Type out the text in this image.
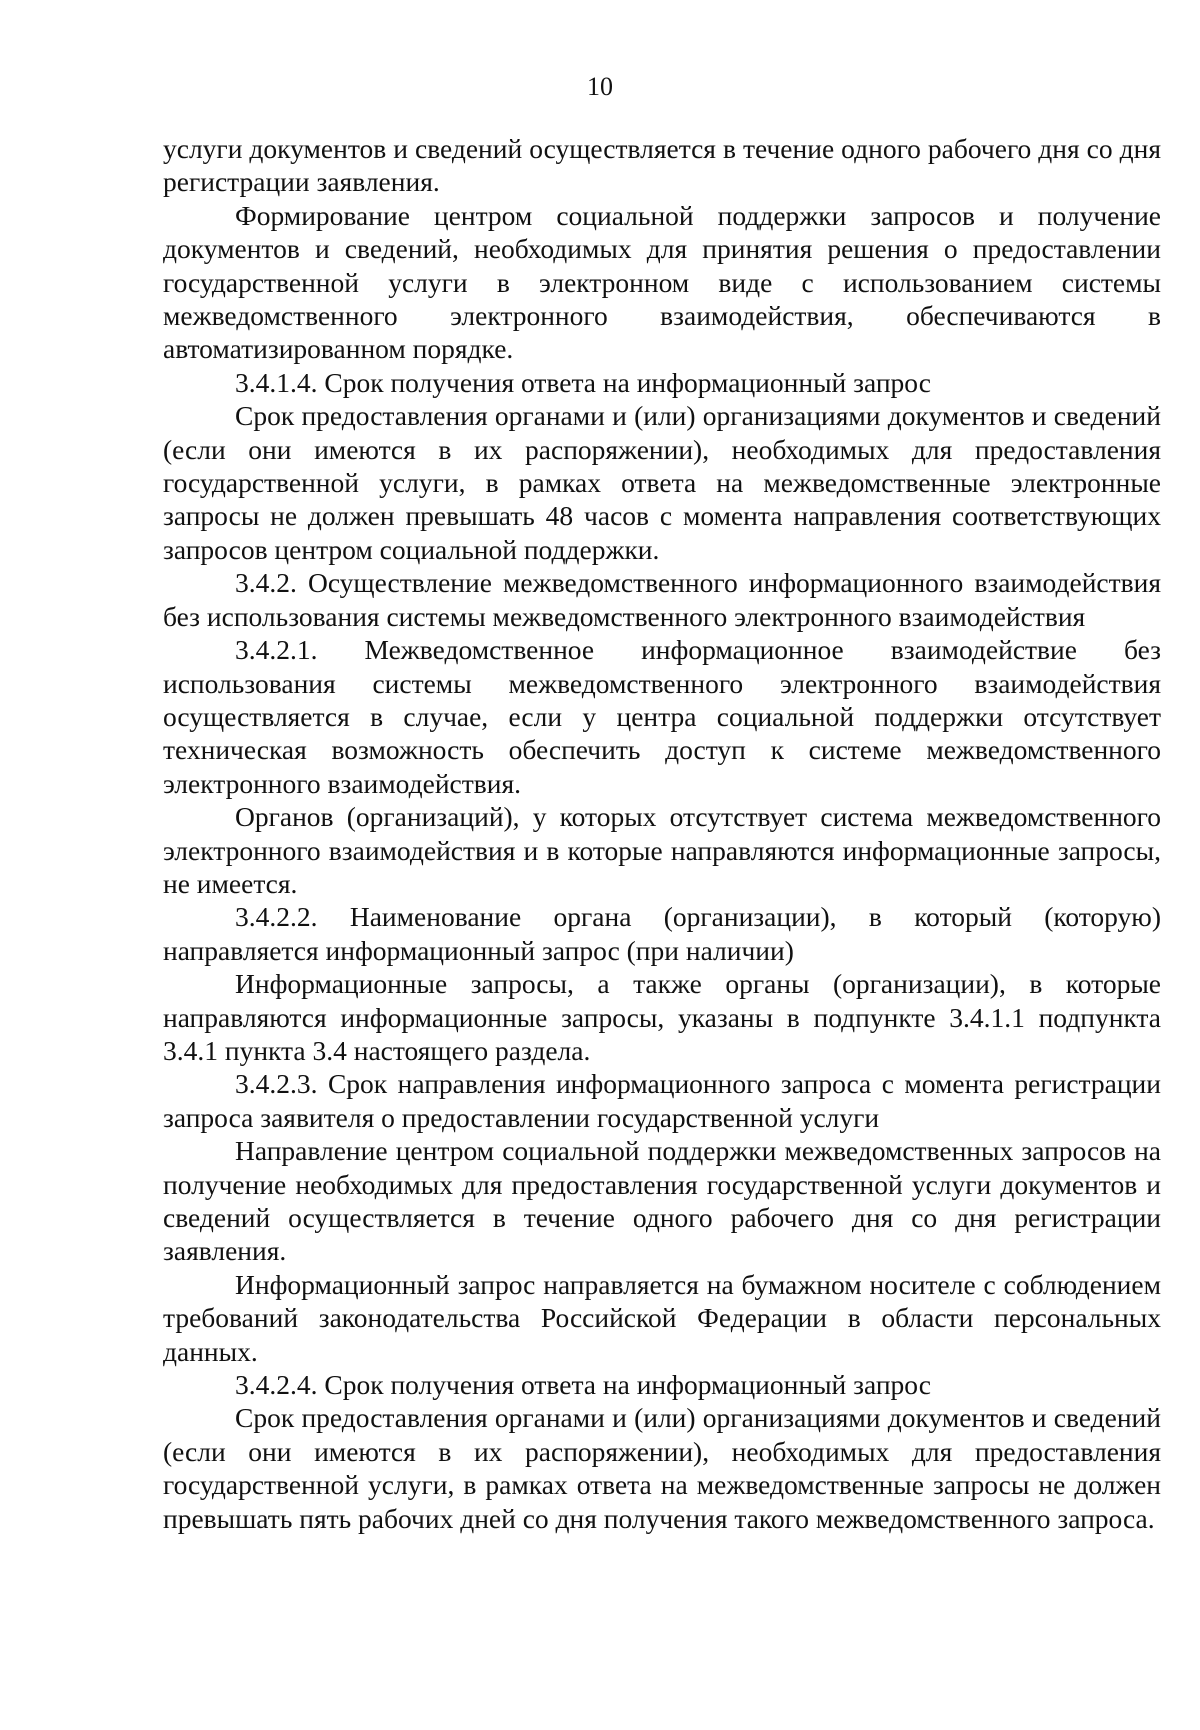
10

услуги документов и сведений осуществляется в течение одного рабочего дня со дня регистрации заявления.

Формирование центром социальной поддержки запросов и получение документов и сведений, необходимых для принятия решения о предоставлении государственной услуги в электронном виде с использованием системы межведомственного электронного взаимодействия, обеспечиваются в автоматизированном порядке.

3.4.1.4. Срок получения ответа на информационный запрос

Срок предоставления органами и (или) организациями документов и сведений (если они имеются в их распоряжении), необходимых для предоставления государственной услуги, в рамках ответа на межведомственные электронные запросы не должен превышать 48 часов с момента направления соответствующих запросов центром социальной поддержки.

3.4.2. Осуществление межведомственного информационного взаимодействия без использования системы межведомственного электронного взаимодействия

3.4.2.1. Межведомственное информационное взаимодействие без использования системы межведомственного электронного взаимодействия осуществляется в случае, если у центра социальной поддержки отсутствует техническая возможность обеспечить доступ к системе межведомственного электронного взаимодействия.

Органов (организаций), у которых отсутствует система межведомственного электронного взаимодействия и в которые направляются информационные запросы, не имеется.

3.4.2.2. Наименование органа (организации), в который (которую) направляется информационный запрос (при наличии)

Информационные запросы, а также органы (организации), в которые направляются информационные запросы, указаны в подпункте 3.4.1.1 подпункта 3.4.1 пункта 3.4 настоящего раздела.

3.4.2.3. Срок направления информационного запроса с момента регистрации запроса заявителя о предоставлении государственной услуги

Направление центром социальной поддержки межведомственных запросов на получение необходимых для предоставления государственной услуги документов и сведений осуществляется в течение одного рабочего дня со дня регистрации заявления.

Информационный запрос направляется на бумажном носителе с соблюдением требований законодательства Российской Федерации в области персональных данных.

3.4.2.4. Срок получения ответа на информационный запрос

Срок предоставления органами и (или) организациями документов и сведений (если они имеются в их распоряжении), необходимых для предоставления государственной услуги, в рамках ответа на межведомственные запросы не должен превышать пять рабочих дней со дня получения такого межведомственного запроса.
